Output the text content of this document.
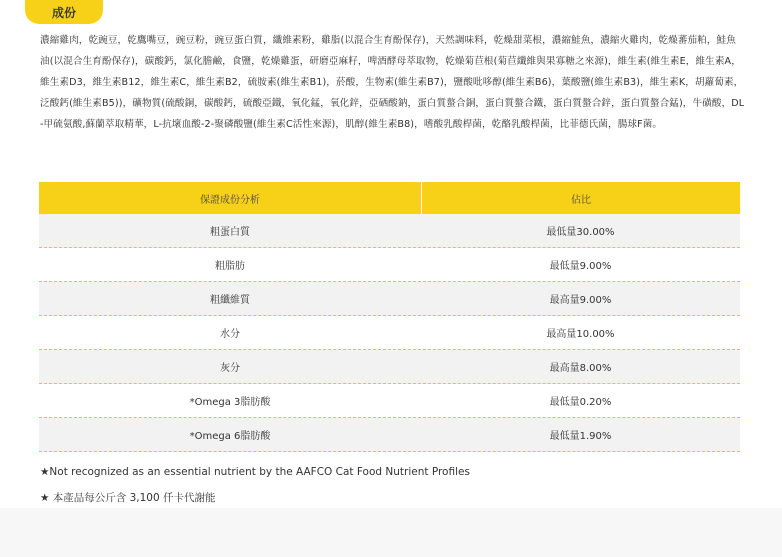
成份
濃縮雞肉，乾豌豆，乾鷹嘴豆，豌豆粉，豌豆蛋白質，纖維素粉，雞脂(以混合生育酚保存)，天然調味料，乾燥甜菜根，濃縮鮭魚，濃縮火雞肉，乾燥蕃茄粕，鮭魚油(以混合生育酚保存)，碳酸鈣，氯化膽鹼，食鹽，乾燥雞蛋，研磨亞麻籽，啤酒酵母萃取物，乾燥菊苣根(菊苣纖維與果寡糖之來源)，維生素(維生素E，維生素A，維生素D3，維生素B12，維生素C，維生素B2，硫胺素(維生素B1)，菸酸，生物素(維生素B7)，鹽酸吡哆醇(維生素B6)，葉酸鹽(維生素B3)，維生素K，胡蘿蔔素，泛酸鈣(維生素B5))，礦物質(硫酸銅，碳酸鈣，硫酸亞鐵，氧化錳，氧化鋅，亞硒酸鈉，蛋白質螯合銅，蛋白質螯合鐵，蛋白質螯合鋅，蛋白質螯合錳)，牛磺酸，DL-甲硫氨酸,蘇蘭萃取精華，L-抗壞血酸-2-聚磷酸鹽(維生素C活性來源)，肌醇(維生素B8)，嗜酸乳酸桿菌，乾酪乳酸桿菌，比菲德氏菌，腸球F菌。
保證成份分析	佔比
粗蛋白質	最低量30.00%
粗脂肪	最低量9.00%
粗纖維質	最高量9.00%
水分	最高量10.00%
灰分	最高量8.00%
*Omega 3脂肪酸	最低量0.20%
*Omega 6脂肪酸	最低量1.90%
★Not recognized as an essential nutrient by the AAFCO Cat Food Nutrient Profiles
★ 本產品每公斤含 3,100 仟卡代謝能
